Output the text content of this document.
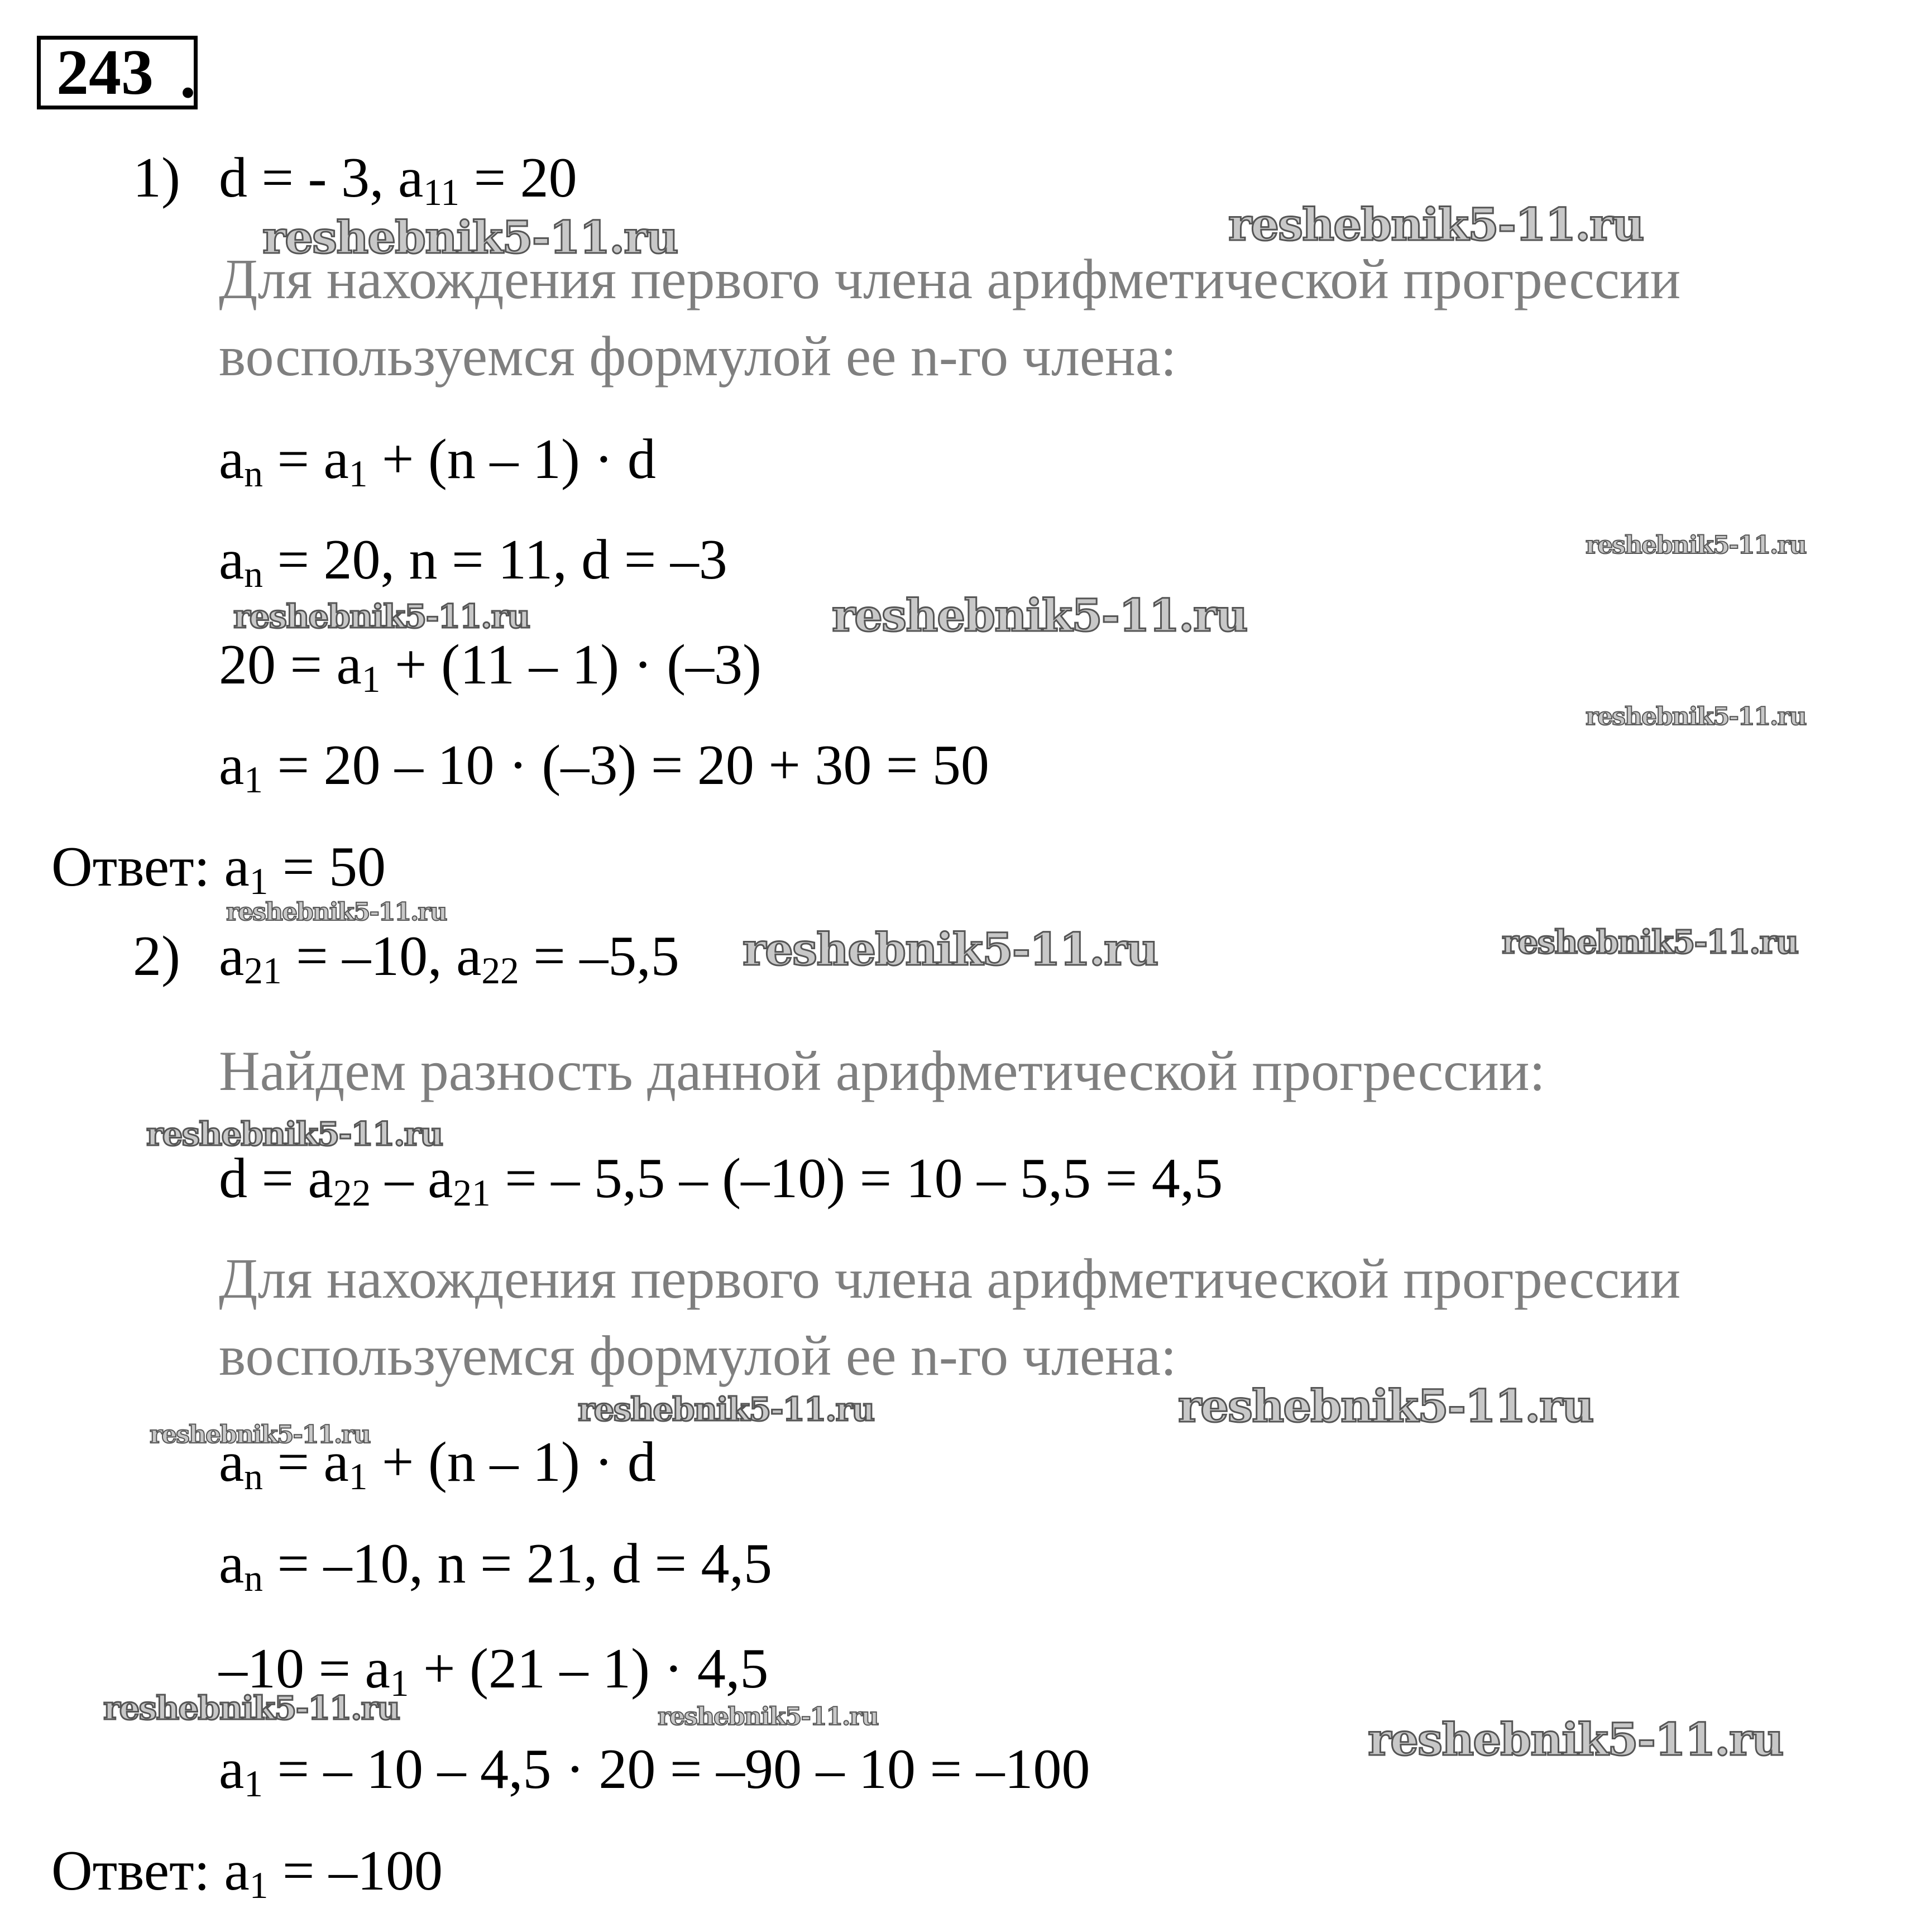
243 .
1) d = - 3, $a_{11} = 20$
Для нахождения первого члена арифметической прогрессии
воспользуемся формулой ее n-го члена:
$a_n = a_1 + (n - 1) \cdot d$
$a_n = 20$, n = 11, d = –3
$20 = a_1 + (11 - 1) \cdot (-3)$
$a_1 = 20 - 10 \cdot (-3) = 20 + 30 = 50$
Ответ: $a_1 = 50$
2) $a_{21} = -10$, $a_{22} = -5,5$
Найдем разность данной арифметической прогрессии:
$d = a_{22} - a_{21}$ = – 5,5 – (–10) = 10 – 5,5 = 4,5
Для нахождения первого члена арифметической прогрессии
воспользуемся формулой ее n-го члена:
$a_n = a_1 + (n - 1) \cdot d$
$a_n = -10$, n = 21, d = 4,5
$-10 = a_1 + (21 - 1) \cdot 4,5$
$a_1$ = – 10 – 4,5 · 20 = –90 – 10 = –100
Ответ: $a_1 = -100$
reshebnik5-11.ru	reshebnik5-11.ru
reshebnik5-11.ru
reshebnik5-11.ru	reshebnik5-11.ru
reshebnik5-11.ru
reshebnik5-11.ru
reshebnik5-11.ru	reshebnik5-11.ru
reshebnik5-11.ru
reshebnik5-11.ru	reshebnik5-11.ru
reshebnik5-11.ru
reshebnik5-11.ru	reshebnik5-11.ru	reshebnik5-11.ru
